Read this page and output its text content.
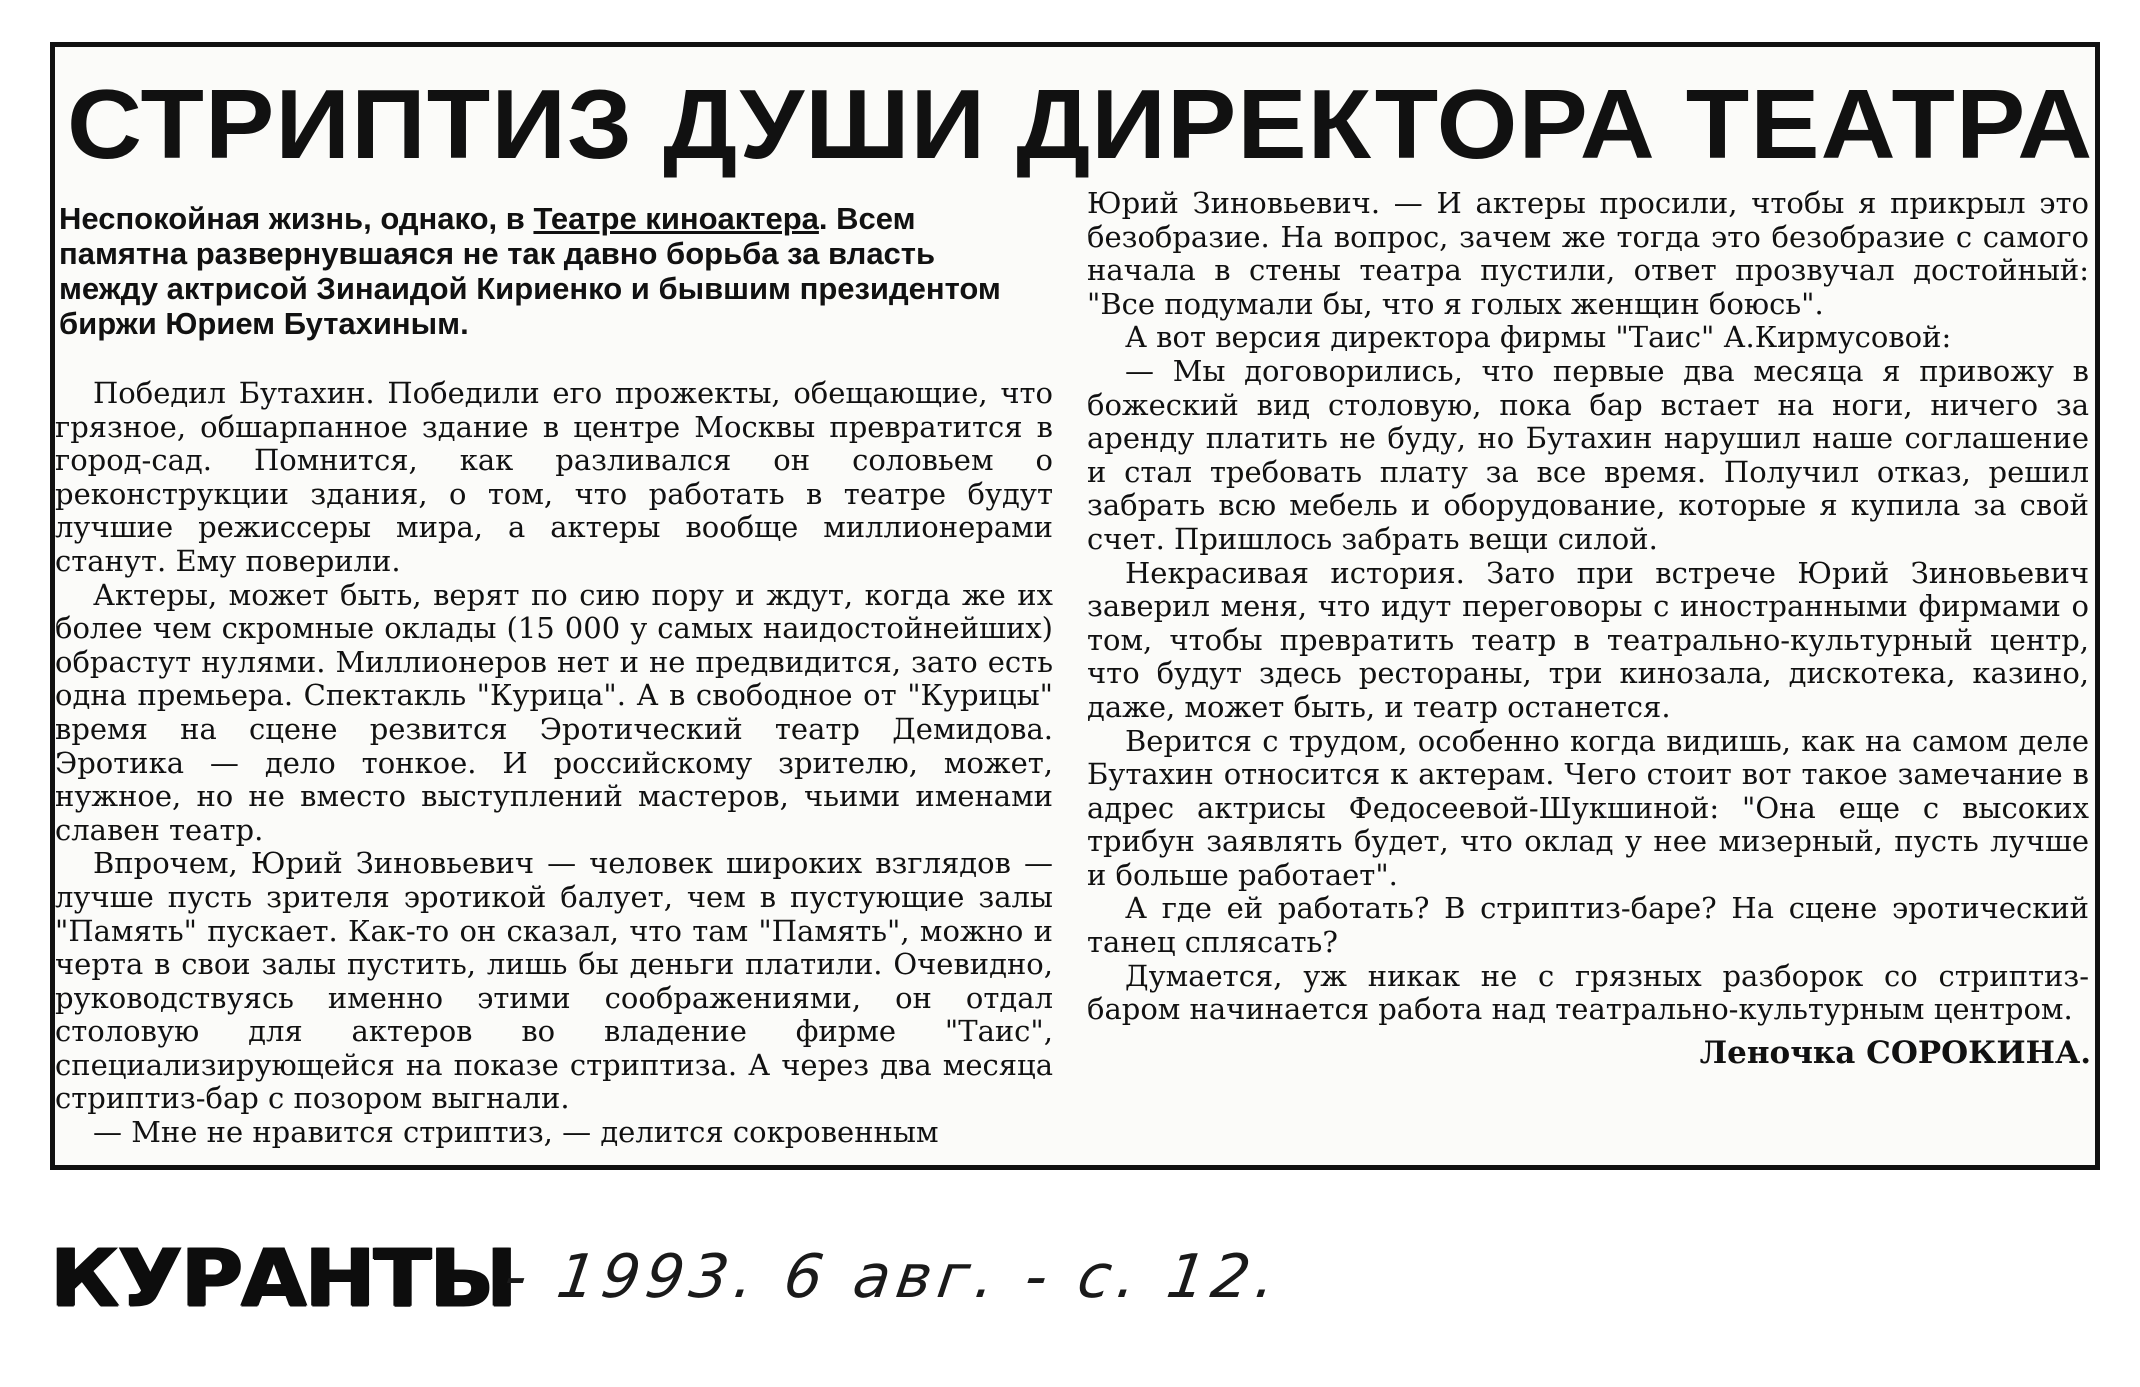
СТРИПТИЗ ДУШИ ДИРЕКТОРА ТЕАТРА
Неспокойная жизнь, однако, в Театре киноактера. Всем памятна развернувшаяся не так давно борьба за власть между актрисой Зинаидой Кириенко и бывшим президентом биржи Юрием Бутахиным.

Победил Бутахин. Победили его прожекты, обещающие, что грязное, обшарпанное здание в центре Москвы превратится в город-сад. Помнится, как разливался он соловьем о реконструкции здания, о том, что работать в театре будут лучшие режиссеры мира, а актеры вообще миллионерами станут. Ему поверили.

Актеры, может быть, верят по сию пору и ждут, когда же их более чем скромные оклады (15 000 у самых наидостойнейших) обрастут нулями. Миллионеров нет и не предвидится, зато есть одна премьера. Спектакль "Курица". А в свободное от "Курицы" время на сцене резвится Эротический театр Демидова. Эротика — дело тонкое. И российскому зрителю, может, нужное, но не вместо выступлений мастеров, чьими именами славен театр.

Впрочем, Юрий Зиновьевич — человек широких взглядов — лучше пусть зрителя эротикой балует, чем в пустующие залы "Память" пускает. Как-то он сказал, что там "Память", можно и черта в свои залы пустить, лишь бы деньги платили. Очевидно, руководствуясь именно этими соображениями, он отдал столовую для актеров во владение фирме "Таис", специализирующейся на показе стриптиза. А через два месяца стриптиз-бар с позором выгнали.

— Мне не нравится стриптиз, — делится сокровенным

Юрий Зиновьевич. — И актеры просили, чтобы я прикрыл это безобразие. На вопрос, зачем же тогда это безобразие с самого начала в стены театра пустили, ответ прозвучал достойный: "Все подумали бы, что я голых женщин боюсь".

А вот версия директора фирмы "Таис" А.Кирмусовой:

— Мы договорились, что первые два месяца я привожу в божеский вид столовую, пока бар встает на ноги, ничего за аренду платить не буду, но Бутахин нарушил наше соглашение и стал требовать плату за все время. Получил отказ, решил забрать всю мебель и оборудование, которые я купила за свой счет. Пришлось забрать вещи силой.

Некрасивая история. Зато при встрече Юрий Зиновьевич заверил меня, что идут переговоры с иностранными фирмами о том, чтобы превратить театр в театрально-культурный центр, что будут здесь рестораны, три кинозала, дискотека, казино, даже, может быть, и театр останется.

Верится с трудом, особенно когда видишь, как на самом деле Бутахин относится к актерам. Чего стоит вот такое замечание в адрес актрисы Федосеевой-Шукшиной: "Она еще с высоких трибун заявлять будет, что оклад у нее мизерный, пусть лучше и больше работает".

А где ей работать? В стриптиз-баре? На сцене эротический танец сплясать?

Думается, уж никак не с грязных разборок со стриптиз-баром начинается работа над театрально-культурным центром.

Леночка СОРОКИНА.
КУРАНТЫ
- 1993. 6 авг. - с. 12.
